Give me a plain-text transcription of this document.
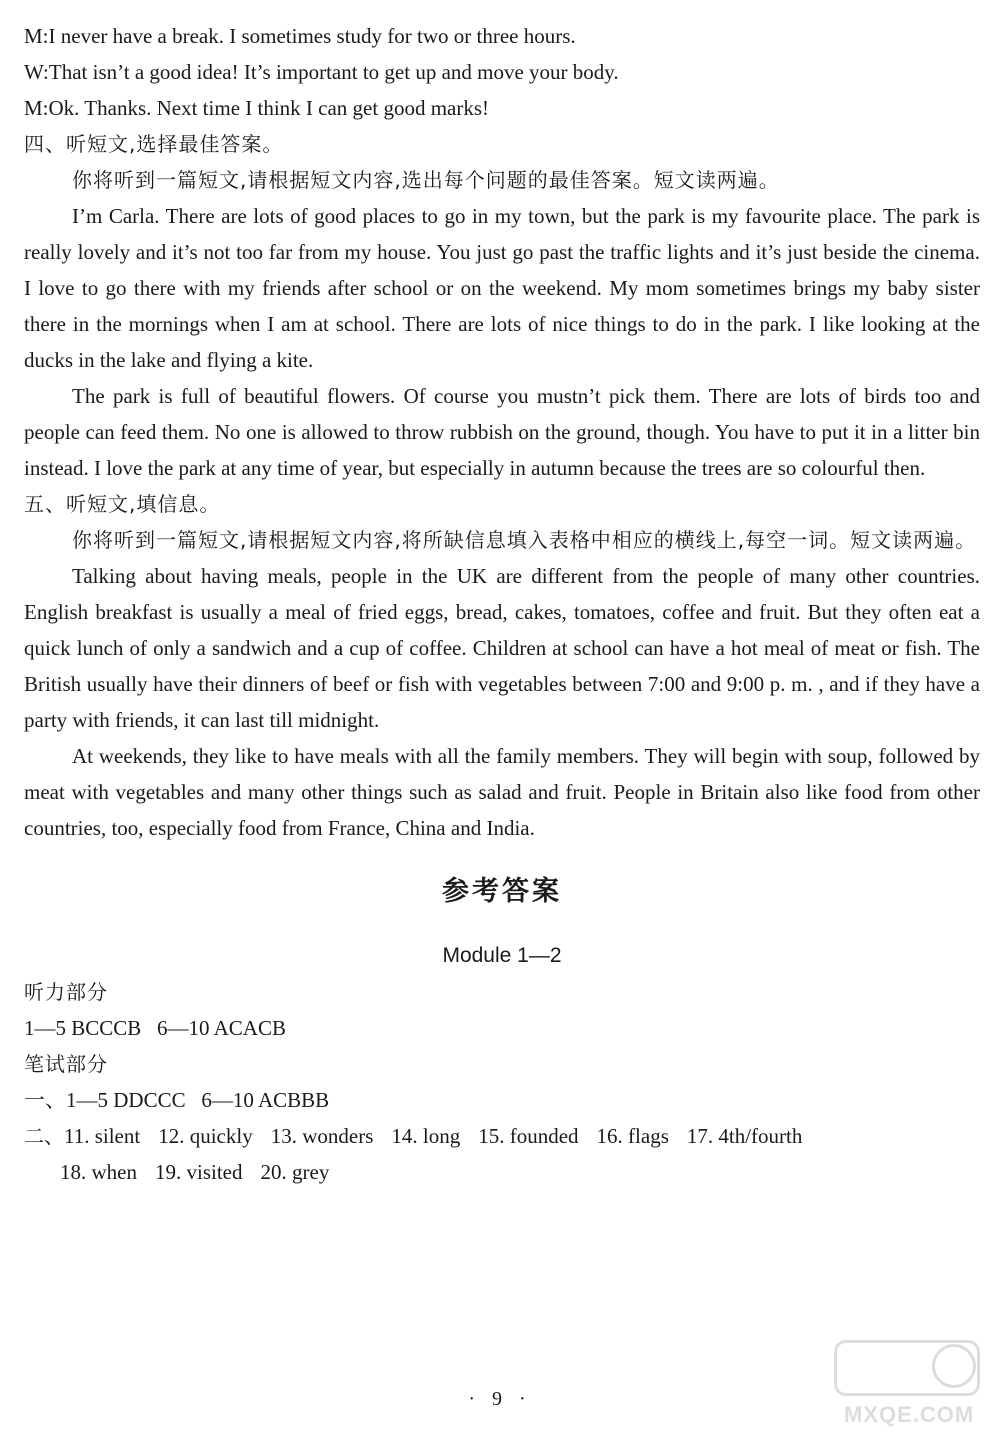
M:I never have a break. I sometimes study for two or three hours.
W:That isn’t a good idea! It’s important to get up and move your body.
M:Ok. Thanks. Next time I think I can get good marks!
四、听短文,选择最佳答案。

你将听到一篇短文,请根据短文内容,选出每个问题的最佳答案。短文读两遍。

I’m Carla. There are lots of good places to go in my town, but the park is my favourite place. The park is really lovely and it’s not too far from my house. You just go past the traffic lights and it’s just beside the cinema. I love to go there with my friends after school or on the weekend. My mom sometimes brings my baby sister there in the mornings when I am at school. There are lots of nice things to do in the park. I like looking at the ducks in the lake and flying a kite.

The park is full of beautiful flowers. Of course you mustn’t pick them. There are lots of birds too and people can feed them. No one is allowed to throw rubbish on the ground, though. You have to put it in a litter bin instead. I love the park at any time of year, but especially in autumn because the trees are so colourful then.

五、听短文,填信息。

你将听到一篇短文,请根据短文内容,将所缺信息填入表格中相应的横线上,每空一词。短文读两遍。

Talking about having meals, people in the UK are different from the people of many other countries. English breakfast is usually a meal of fried eggs, bread, cakes, tomatoes, coffee and fruit. But they often eat a quick lunch of only a sandwich and a cup of coffee. Children at school can have a hot meal of meat or fish. The British usually have their dinners of beef or fish with vegetables between 7:00 and 9:00 p. m. , and if they have a party with friends, it can last till midnight.

At weekends, they like to have meals with all the family members. They will begin with soup, followed by meat with vegetables and many other things such as salad and fruit. People in Britain also like food from other countries, too, especially food from France, China and India.

参考答案
Module 1—2
听力部分
1—5 BCCCB   6—10 ACACB
笔试部分
一、1—5 DDCCC   6—10 ACBBB
二、11. silent 12. quickly 13. wonders 14. long 15. founded 16. flags 17. 4th/fourth
18. when 19. visited 20. grey
· 9 ·
MXQE.COM
